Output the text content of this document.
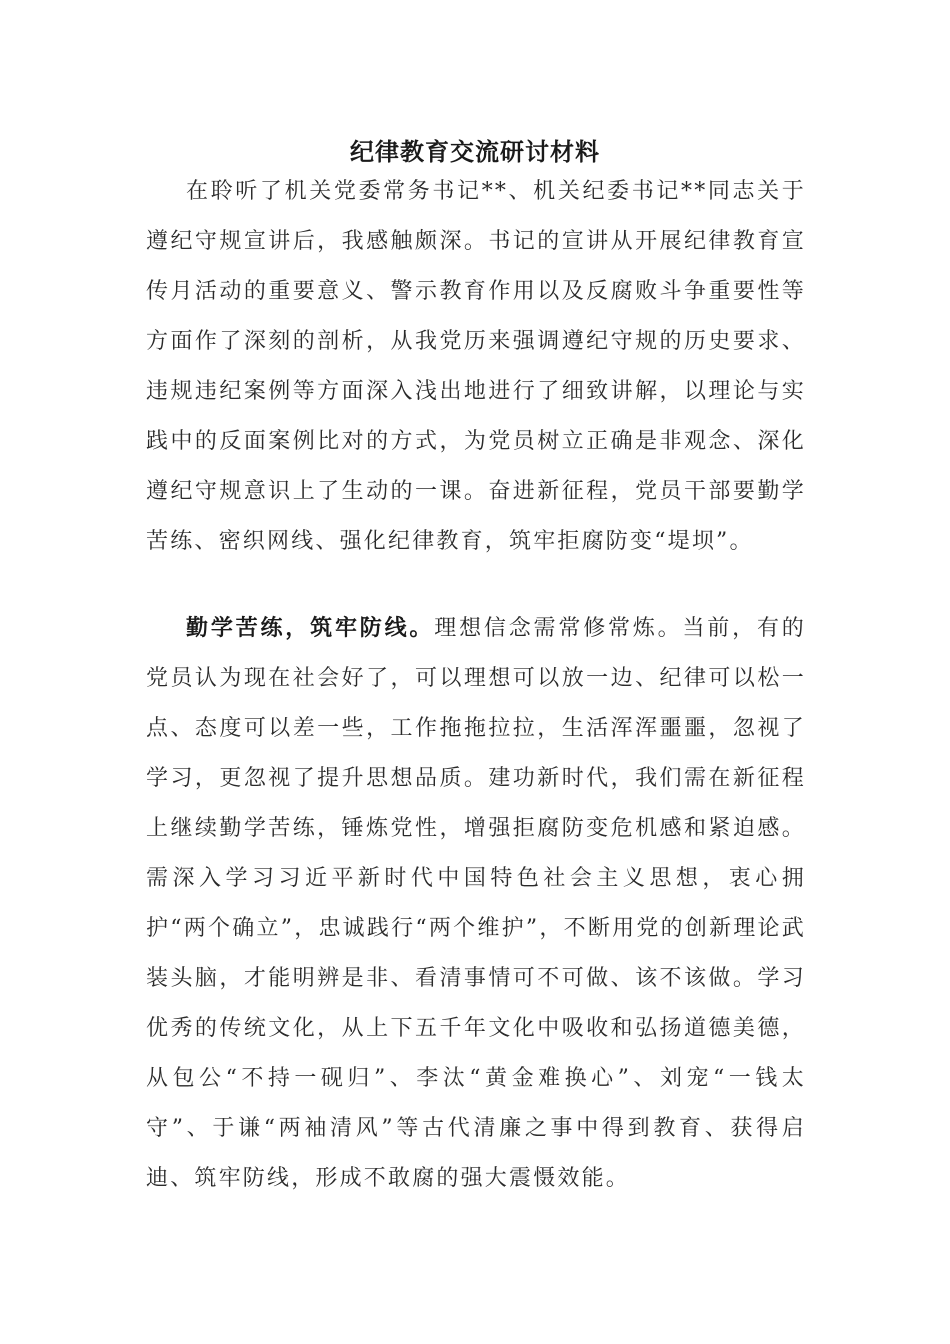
纪律教育交流研讨材料

在聆听了机关党委常务书记**、机关纪委书记**同志关于遵纪守规宣讲后，我感触颇深。书记的宣讲从开展纪律教育宣传月活动的重要意义、警示教育作用以及反腐败斗争重要性等方面作了深刻的剖析，从我党历来强调遵纪守规的历史要求、违规违纪案例等方面深入浅出地进行了细致讲解，以理论与实践中的反面案例比对的方式，为党员树立正确是非观念、深化遵纪守规意识上了生动的一课。奋进新征程，党员干部要勤学苦练、密织网线、强化纪律教育，筑牢拒腐防变“堤坝”。

勤学苦练，筑牢防线。理想信念需常修常炼。当前，有的党员认为现在社会好了，可以理想可以放一边、纪律可以松一点、态度可以差一些，工作拖拖拉拉，生活浑浑噩噩，忽视了学习，更忽视了提升思想品质。建功新时代，我们需在新征程上继续勤学苦练，锤炼党性，增强拒腐防变危机感和紧迫感。需深入学习习近平新时代中国特色社会主义思想，衷心拥护“两个确立”，忠诚践行“两个维护”，不断用党的创新理论武装头脑，才能明辨是非、看清事情可不可做、该不该做。学习优秀的传统文化，从上下五千年文化中吸收和弘扬道德美德，从包公“不持一砚归”、李汰“黄金难换心”、刘宠“一钱太守”、于谦“两袖清风”等古代清廉之事中得到教育、获得启迪、筑牢防线，形成不敢腐的强大震慑效能。
